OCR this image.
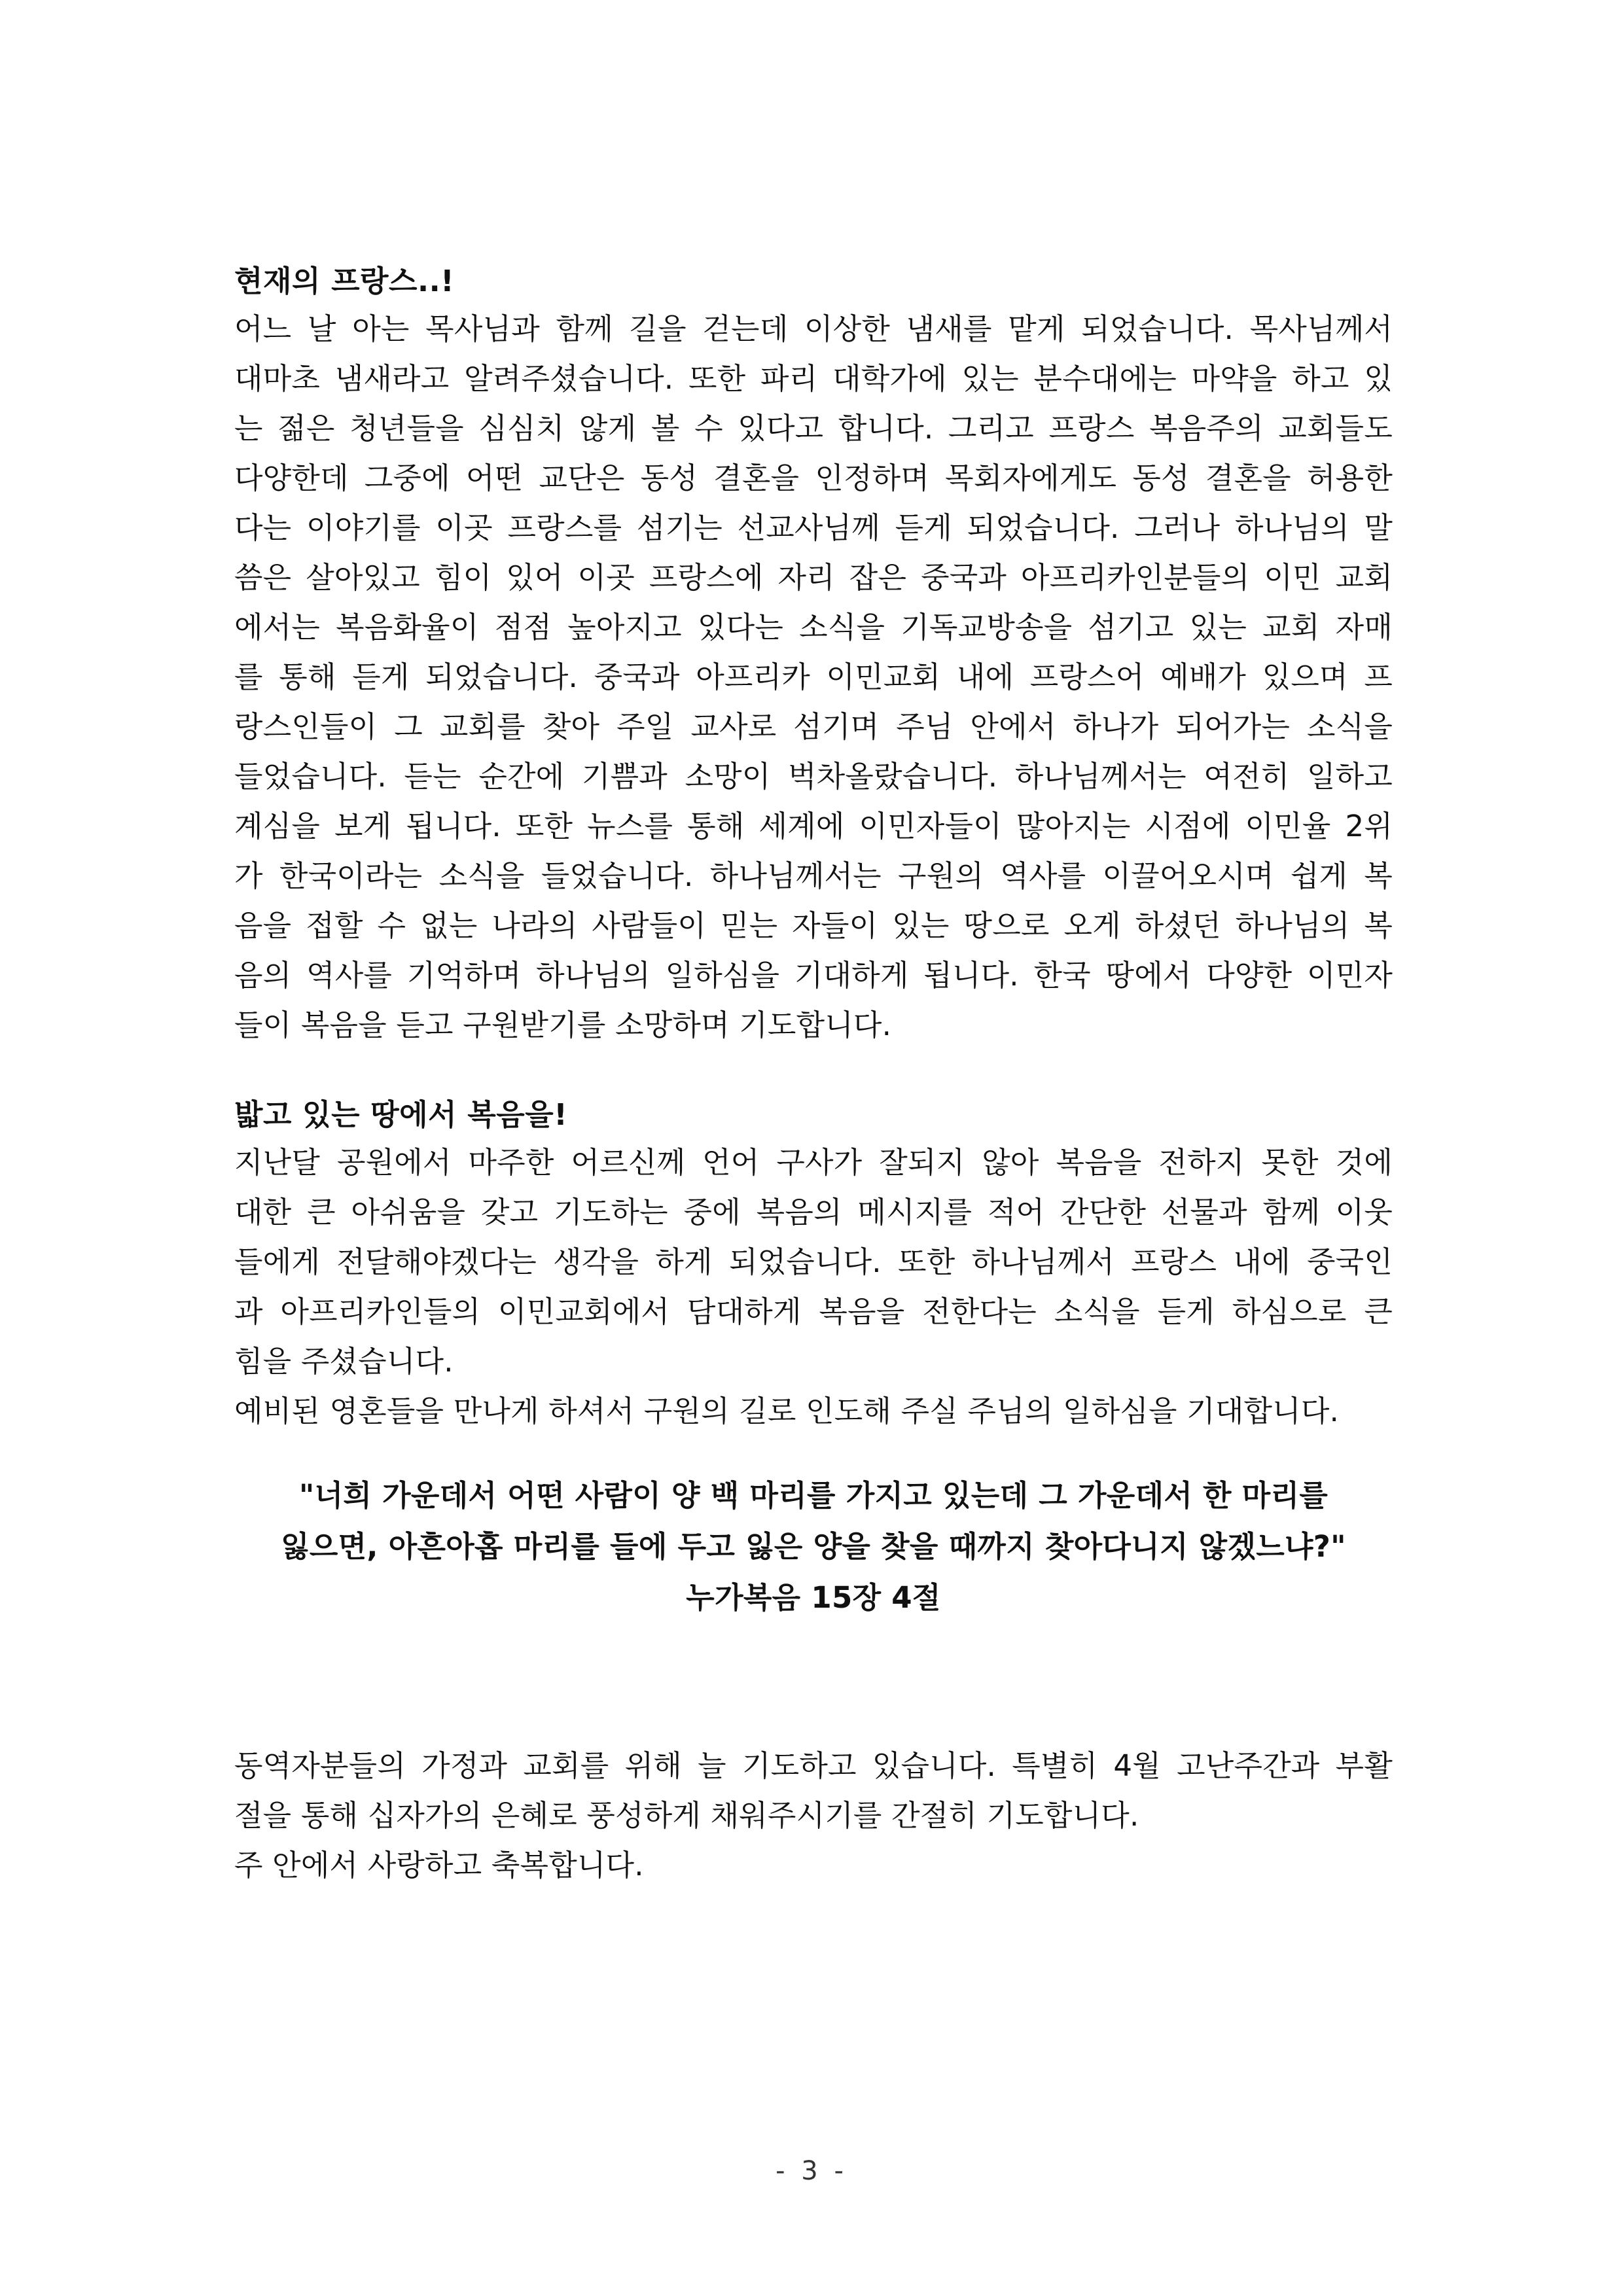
현재의 프랑스..!
어느 날 아는 목사님과 함께 길을 걷는데 이상한 냄새를 맡게 되었습니다. 목사님께서
대마초 냄새라고 알려주셨습니다. 또한 파리 대학가에 있는 분수대에는 마약을 하고 있
는 젊은 청년들을 심심치 않게 볼 수 있다고 합니다. 그리고 프랑스 복음주의 교회들도
다양한데 그중에 어떤 교단은 동성 결혼을 인정하며 목회자에게도 동성 결혼을 허용한
다는 이야기를 이곳 프랑스를 섬기는 선교사님께 듣게 되었습니다. 그러나 하나님의 말
씀은 살아있고 힘이 있어 이곳 프랑스에 자리 잡은 중국과 아프리카인분들의 이민 교회
에서는 복음화율이 점점 높아지고 있다는 소식을 기독교방송을 섬기고 있는 교회 자매
를 통해 듣게 되었습니다. 중국과 아프리카 이민교회 내에 프랑스어 예배가 있으며 프
랑스인들이 그 교회를 찾아 주일 교사로 섬기며 주님 안에서 하나가 되어가는 소식을
들었습니다. 듣는 순간에 기쁨과 소망이 벅차올랐습니다. 하나님께서는 여전히 일하고
계심을 보게 됩니다. 또한 뉴스를 통해 세계에 이민자들이 많아지는 시점에 이민율 2위
가 한국이라는 소식을 들었습니다. 하나님께서는 구원의 역사를 이끌어오시며 쉽게 복
음을 접할 수 없는 나라의 사람들이 믿는 자들이 있는 땅으로 오게 하셨던 하나님의 복
음의 역사를 기억하며 하나님의 일하심을 기대하게 됩니다. 한국 땅에서 다양한 이민자
들이 복음을 듣고 구원받기를 소망하며 기도합니다.
밟고 있는 땅에서 복음을!
지난달 공원에서 마주한 어르신께 언어 구사가 잘되지 않아 복음을 전하지 못한 것에
대한 큰 아쉬움을 갖고 기도하는 중에 복음의 메시지를 적어 간단한 선물과 함께 이웃
들에게 전달해야겠다는 생각을 하게 되었습니다. 또한 하나님께서 프랑스 내에 중국인
과 아프리카인들의 이민교회에서 담대하게 복음을 전한다는 소식을 듣게 하심으로 큰
힘을 주셨습니다.
예비된 영혼들을 만나게 하셔서 구원의 길로 인도해 주실 주님의 일하심을 기대합니다.
"너희 가운데서 어떤 사람이 양 백 마리를 가지고 있는데 그 가운데서 한 마리를
잃으면, 아흔아홉 마리를 들에 두고 잃은 양을 찾을 때까지 찾아다니지 않겠느냐?"
누가복음 15장 4절
동역자분들의 가정과 교회를 위해 늘 기도하고 있습니다. 특별히 4월 고난주간과 부활
절을 통해 십자가의 은혜로 풍성하게 채워주시기를 간절히 기도합니다.
주 안에서 사랑하고 축복합니다.
- 3 -
